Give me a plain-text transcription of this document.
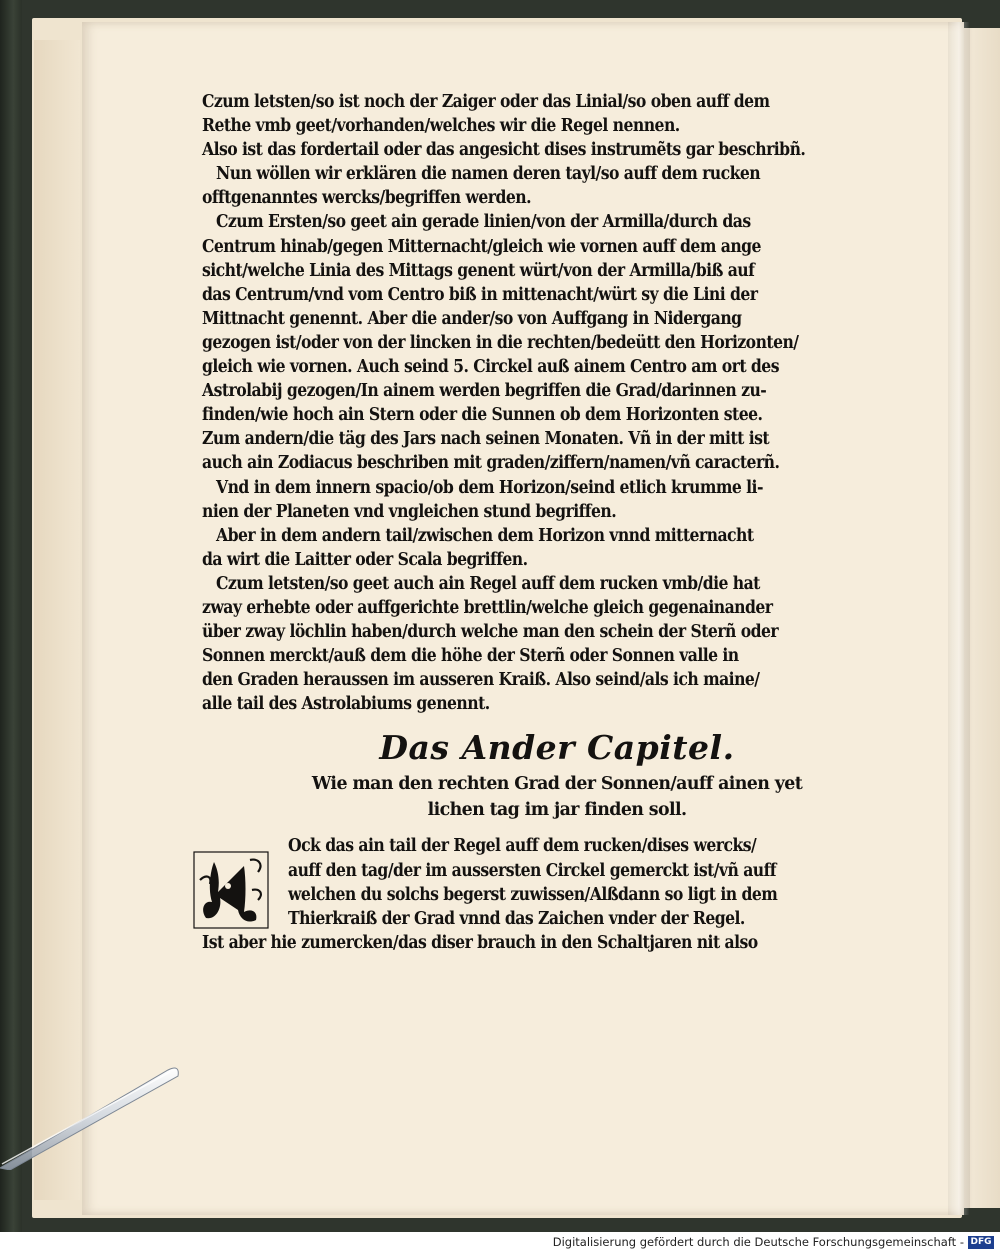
Czum letsten/so ist noch der Zaiger oder das Linial/so oben auff dem
Rethe vmb geet/vorhanden/welches wir die Regel nennen.
Also ist das fordertail oder das angesicht dises instrumẽts gar beschribñ.
Nun wöllen wir erklären die namen deren tayl/so auff dem rucken
offtgenanntes wercks/begriffen werden.
Czum Ersten/so geet ain gerade linien/von der Armilla/durch das
Centrum hinab/gegen Mitternacht/gleich wie vornen auff dem ange
sicht/welche Linia des Mittags genent würt/von der Armilla/biß auf
das Centrum/vnd vom Centro biß in mittenacht/würt sy die Lini der
Mittnacht genennt. Aber die ander/so von Auffgang in Nidergang
gezogen ist/oder von der lincken in die rechten/bedeütt den Horizonten/
gleich wie vornen. Auch seind 5. Circkel auß ainem Centro am ort des
Astrolabij gezogen/In ainem werden begriffen die Grad/darinnen zu-
finden/wie hoch ain Stern oder die Sunnen ob dem Horizonten stee.
Zum andern/die täg des Jars nach seinen Monaten. Vñ in der mitt ist
auch ain Zodiacus beschriben mit graden/ziffern/namen/vñ caracterñ.
Vnd in dem innern spacio/ob dem Horizon/seind etlich krumme li-
nien der Planeten vnd vngleichen stund begriffen.
Aber in dem andern tail/zwischen dem Horizon vnnd mitternacht
da wirt die Laitter oder Scala begriffen.
Czum letsten/so geet auch ain Regel auff dem rucken vmb/die hat
zway erhebte oder auffgerichte brettlin/welche gleich gegenainander
über zway löchlin haben/durch welche man den schein der Sterñ oder
Sonnen merckt/auß dem die höhe der Sterñ oder Sonnen valle in
den Graden heraussen im ausseren Kraiß. Also seind/als ich maine/
alle tail des Astrolabiums genennt.
Das Ander Capitel.
Wie man den rechten Grad der Sonnen/auff ainen yet
lichen tag im jar finden soll.
N
Ock das ain tail der Regel auff dem rucken/dises wercks/
auff den tag/der im aussersten Circkel gemerckt ist/vñ auff
welchen du solchs begerst zuwissen/Alßdann so ligt in dem
Thierkraiß der Grad vnnd das Zaichen vnder der Regel.
Ist aber hie zumercken/das diser brauch in den Schaltjaren nit also
Digitalisierung gefördert durch die Deutsche Forschungsgemeinschaft - DFG
